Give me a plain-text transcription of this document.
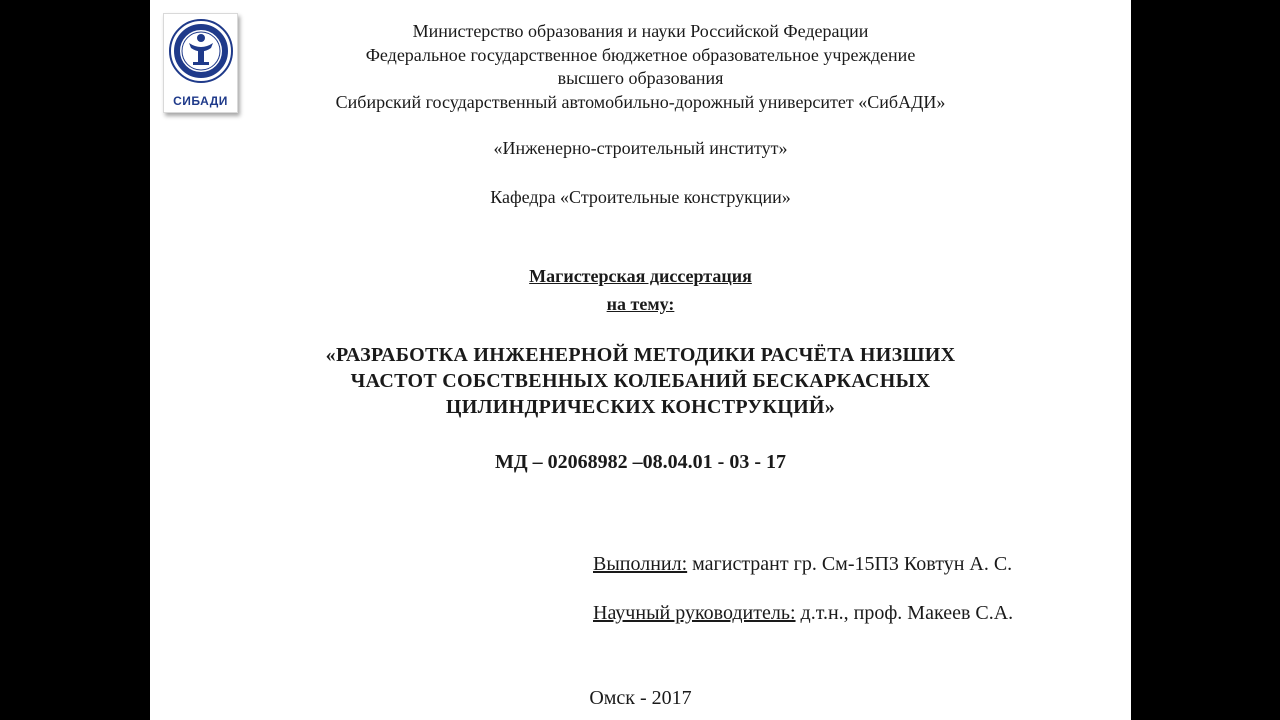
СИБАДИ
Министерство образования и науки Российской Федерации
Федеральное государственное бюджетное образовательное учреждение
высшего образования
Сибирский государственный автомобильно-дорожный университет «СибАДИ»
«Инженерно-строительный институт»
Кафедра «Строительные конструкции»
Магистерская диссертация
на тему:
«РАЗРАБОТКА ИНЖЕНЕРНОЙ МЕТОДИКИ РАСЧЁТА НИЗШИХ
ЧАСТОТ СОБСТВЕННЫХ КОЛЕБАНИЙ БЕСКАРКАСНЫХ
ЦИЛИНДРИЧЕСКИХ КОНСТРУКЦИЙ»
МД – 02068982 –08.04.01 - 03 - 17
Выполнил: магистрант гр. См-15П3 Ковтун А. С.
Научный руководитель: д.т.н., проф. Макеев С.А.
Омск - 2017
